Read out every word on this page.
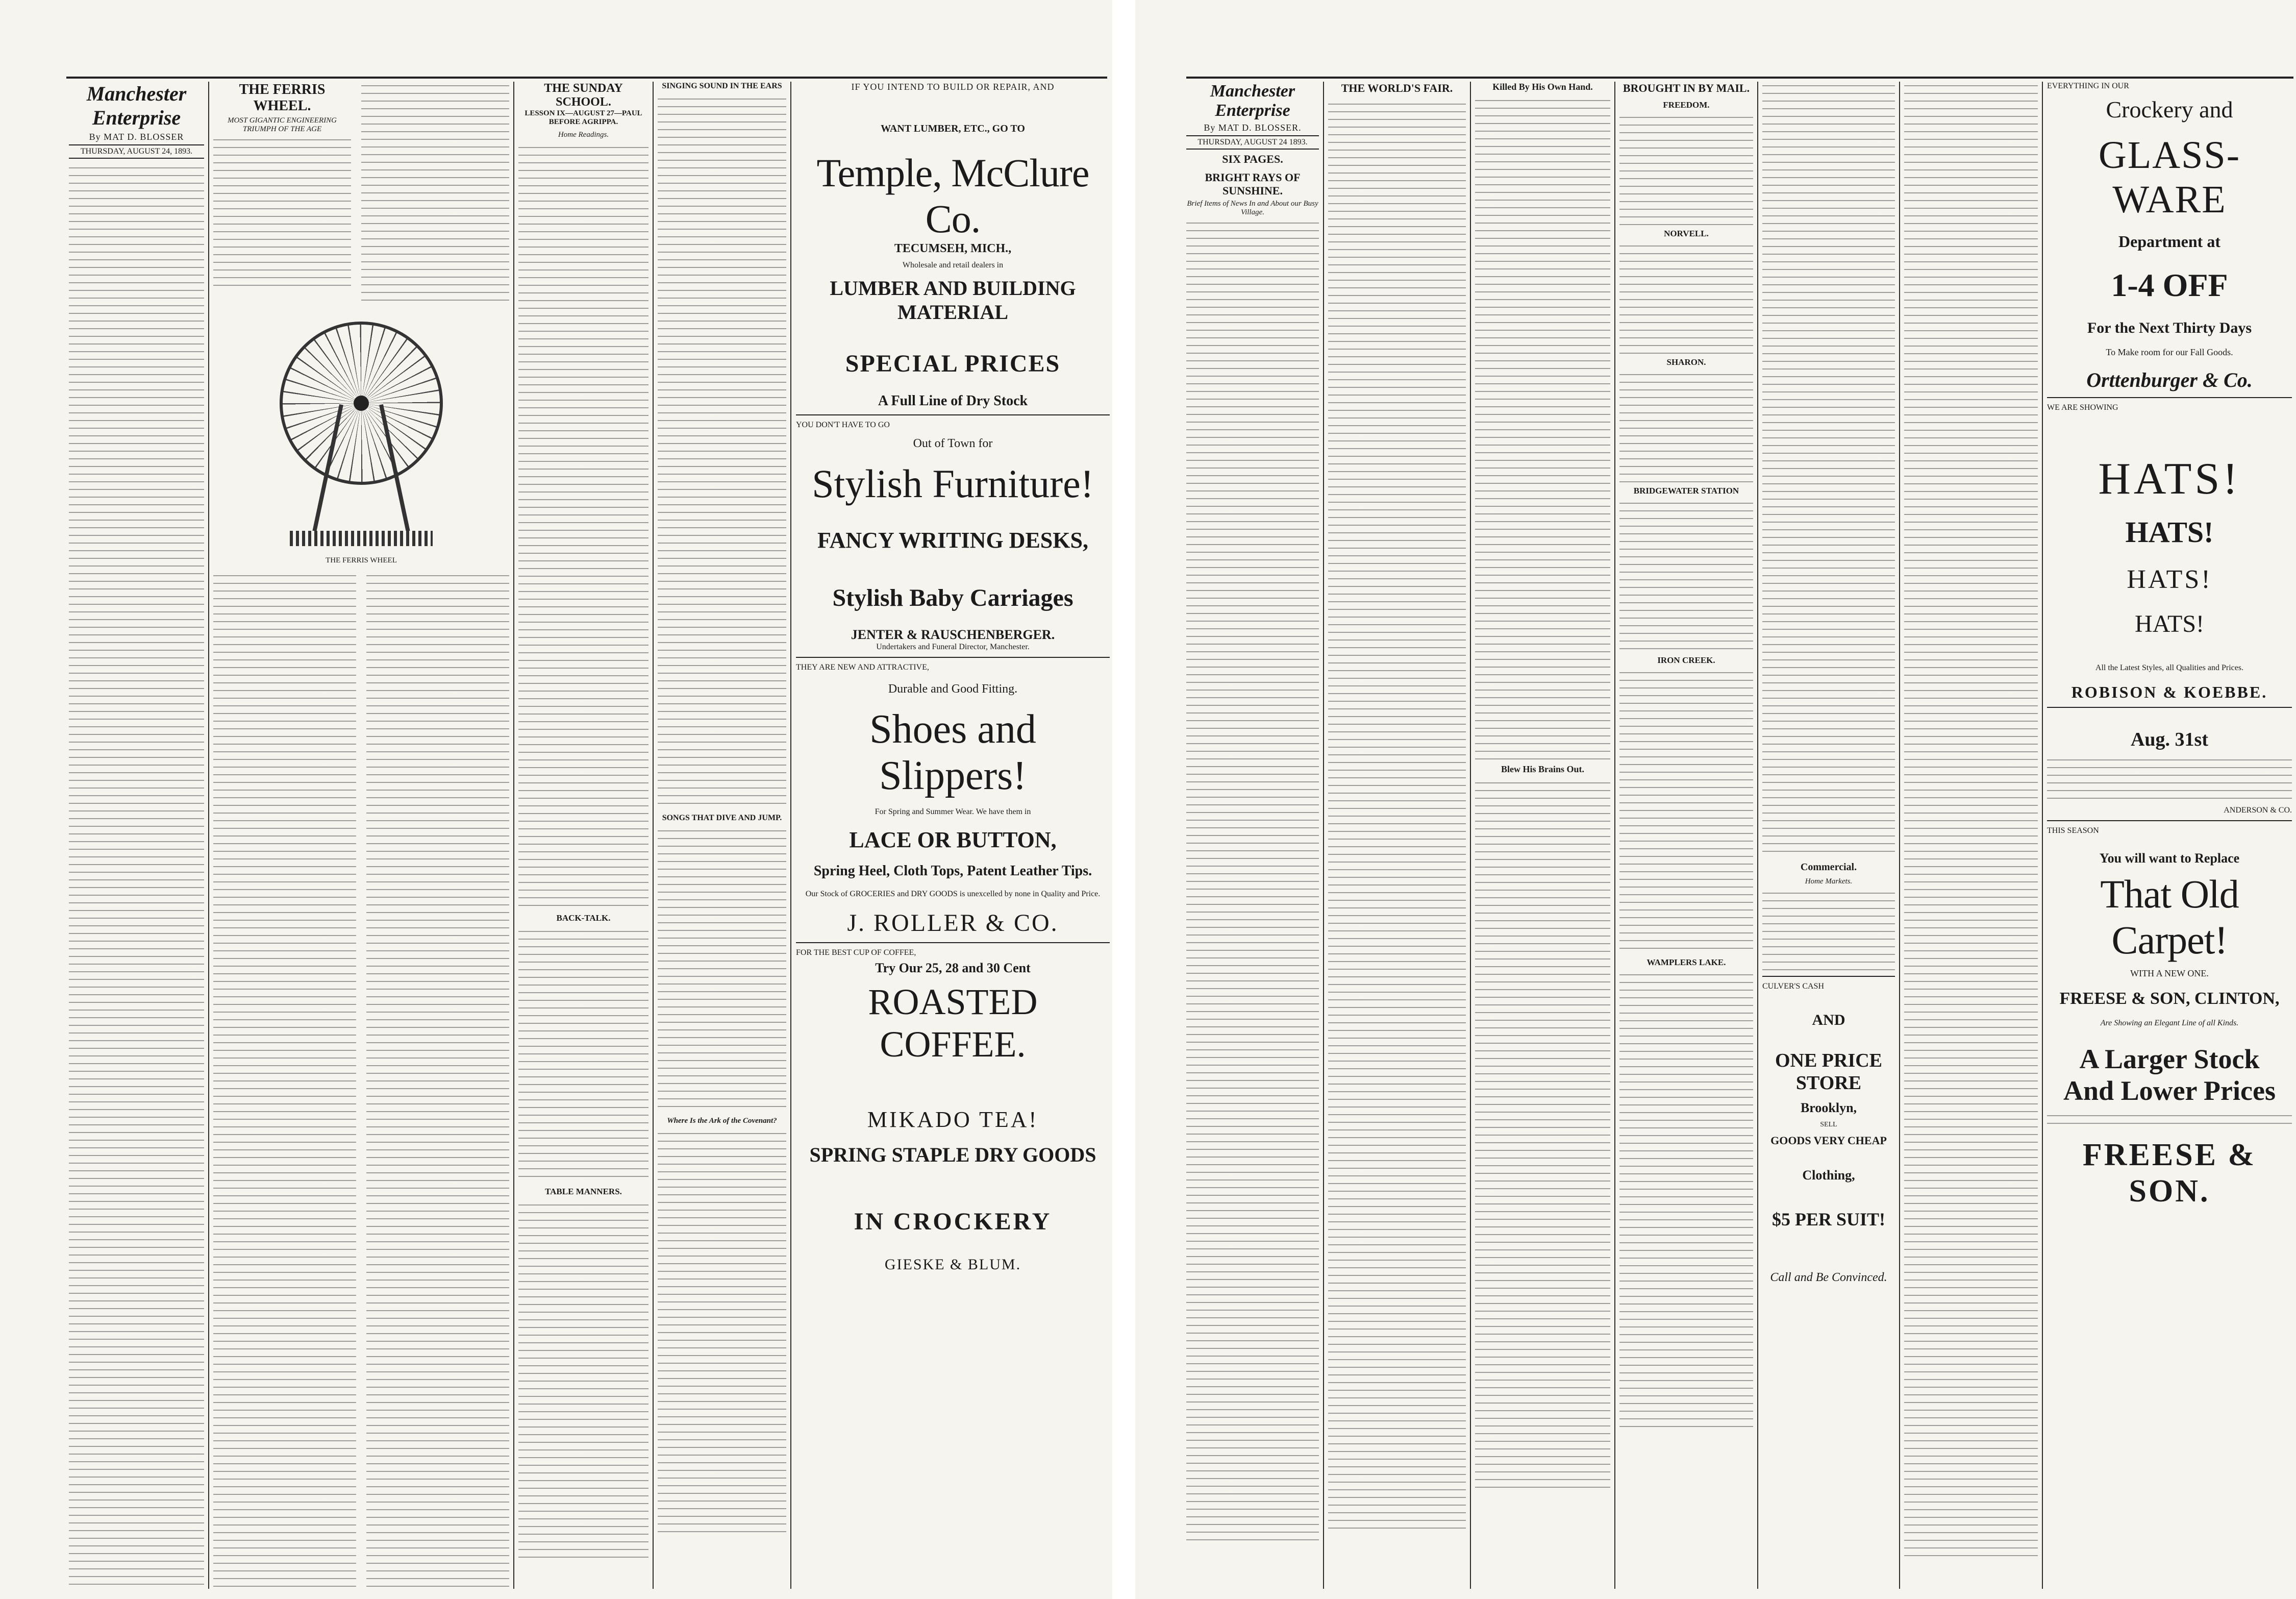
Manchester Enterprise
By MAT D. BLOSSER
THURSDAY, AUGUST 24, 1893.
THE FERRIS WHEEL.
MOST GIGANTIC ENGINEERING TRIUMPH OF THE AGE
THE FERRIS WHEEL
THE SUNDAY SCHOOL.
LESSON IX—AUGUST 27—PAUL BEFORE AGRIPPA.
Home Readings.
BACK-TALK.
TABLE MANNERS.
SINGING SOUND IN THE EARS
SONGS THAT DIVE AND JUMP.
Where Is the Ark of the Covenant?
IF YOU INTEND TO BUILD OR REPAIR, AND
WANT LUMBER, ETC., GO TO
Temple, McClure Co.
TECUMSEH, MICH.,
Wholesale and retail dealers in
LUMBER AND BUILDING MATERIAL
SPECIAL PRICES
A Full Line of Dry Stock
YOU DON'T HAVE TO GO
Out of Town for
Stylish Furniture!
FANCY WRITING DESKS,
Stylish Baby Carriages
JENTER & RAUSCHENBERGER.
Undertakers and Funeral Director, Manchester.
THEY ARE NEW AND ATTRACTIVE,
Durable and Good Fitting.
Shoes and Slippers!
For Spring and Summer Wear. We have them in
LACE OR BUTTON,
Spring Heel, Cloth Tops, Patent Leather Tips.
Our Stock of GROCERIES and DRY GOODS is unexcelled by none in Quality and Price.
J. ROLLER & CO.
FOR THE BEST CUP OF COFFEE,
Try Our 25, 28 and 30 Cent
ROASTED COFFEE.
MIKADO TEA!
SPRING STAPLE DRY GOODS
IN CROCKERY
GIESKE & BLUM.
Manchester Enterprise
By MAT D. BLOSSER.
THURSDAY, AUGUST 24 1893.
SIX PAGES.
BRIGHT RAYS OF SUNSHINE.
Brief Items of News In and About our Busy Village.
THE WORLD'S FAIR.	Killed By His Own Hand.
Blew His Brains Out.
BROUGHT IN BY MAIL.
FREEDOM.
NORVELL.
SHARON.
BRIDGEWATER STATION
IRON CREEK.
WAMPLERS LAKE.
Commercial.
Home Markets.
CULVER'S CASH
AND
ONE PRICE STORE
Brooklyn,
SELL
GOODS VERY CHEAP
Clothing,
$5 PER SUIT!
Call and Be Convinced.
EVERYTHING IN OUR
Crockery and
GLASS-WARE
Department at
1-4 OFF
For the Next Thirty Days
To Make room for our Fall Goods.
Orttenburger & Co.
WE ARE SHOWING
HATS!
HATS!
HATS!
HATS!
All the Latest Styles, all Qualities and Prices.
ROBISON & KOEBBE.
Aug. 31st
ANDERSON & CO.
THIS SEASON
You will want to Replace
That Old Carpet!
WITH A NEW ONE.
FREESE & SON, CLINTON,
Are Showing an Elegant Line of all Kinds.
A Larger Stock
And Lower Prices
FREESE & SON.
